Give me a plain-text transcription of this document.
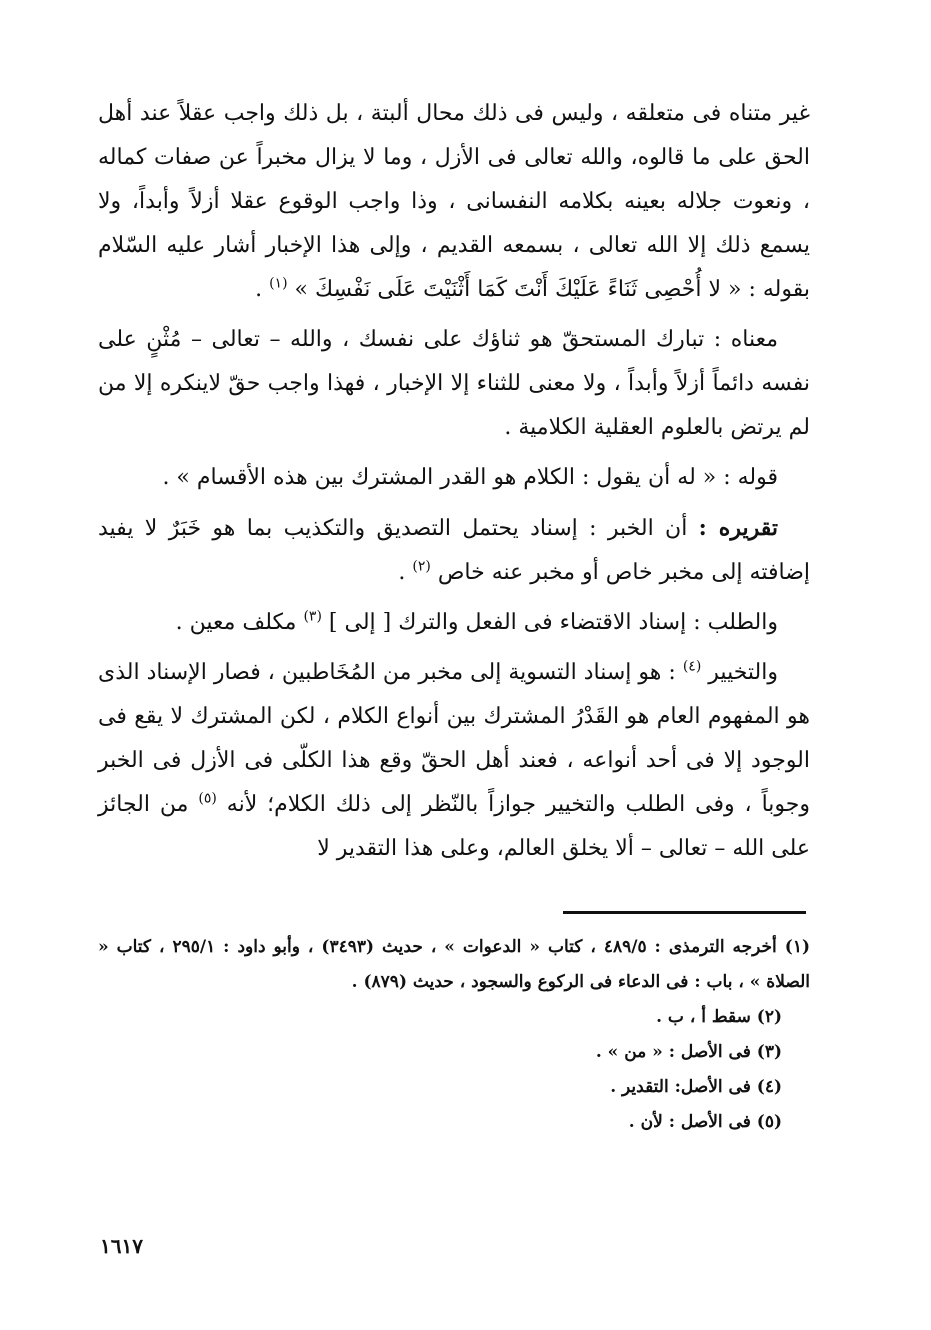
غير متناه فى متعلقه ، وليس فى ذلك محال ألبتة ، بل ذلك واجب عقلاً عند أهل الحق على ما قالوه، والله تعالى فى الأزل ، وما لا يزال مخبراً عن صفات كماله ، ونعوت جلاله بعينه بكلامه النفسانى ، وذا واجب الوقوع عقلا أزلاً وأبداً، ولا يسمع ذلك إلا الله تعالى ، بسمعه القديم ، وإلى هذا الإخبار أشار عليه السّلام بقوله : « لا أُحْصِى ثَنَاءً عَلَيْكَ أَنْتَ كَمَا أَثْنَيْتَ عَلَى نَفْسِكَ » $^{(١)}$ .

معناه : تبارك المستحقّ هو ثناؤك على نفسك ، والله – تعالى – مُثْنٍ على نفسه دائماً أزلاً وأبداً ، ولا معنى للثناء إلا الإخبار ، فهذا واجب حقّ لاينكره إلا من لم يرتض بالعلوم العقلية الكلامية .

قوله : « له أن يقول : الكلام هو القدر المشترك بين هذه الأقسام » .

تقريره : أن الخبر : إسناد يحتمل التصديق والتكذيب بما هو خَبَرٌ لا يفيد إضافته إلى مخبر خاص أو مخبر عنه خاص $^{(٢)}$ .

والطلب : إسناد الاقتضاء فى الفعل والترك [ إلى ] $^{(٣)}$ مكلف معين .

والتخيير $^{(٤)}$ : هو إسناد التسوية إلى مخبر من المُخَاطبين ، فصار الإسناد الذى هو المفهوم العام هو القَدْرُ المشترك بين أنواع الكلام ، لكن المشترك لا يقع فى الوجود إلا فى أحد أنواعه ، فعند أهل الحقّ وقع هذا الكلّى فى الأزل فى الخبر وجوباً ، وفى الطلب والتخيير جوازاً بالنّظر إلى ذلك الكلام؛ لأنه $^{(٥)}$ من الجائز على الله – تعالى – ألا يخلق العالم، وعلى هذا التقدير لا

(١) أخرجه الترمذى : ٤٨٩/٥ ، كتاب « الدعوات » ، حديث (٣٤٩٣) ، وأبو داود : ٢٩٥/١ ، كتاب « الصلاة » ، باب : فى الدعاء فى الركوع والسجود ، حديث (٨٧٩) .
(٢) سقط أ ، ب .
(٣) فى الأصل : « من » .
(٤) فى الأصل: التقدير .
(٥) فى الأصل : لأن .
١٦١٧
